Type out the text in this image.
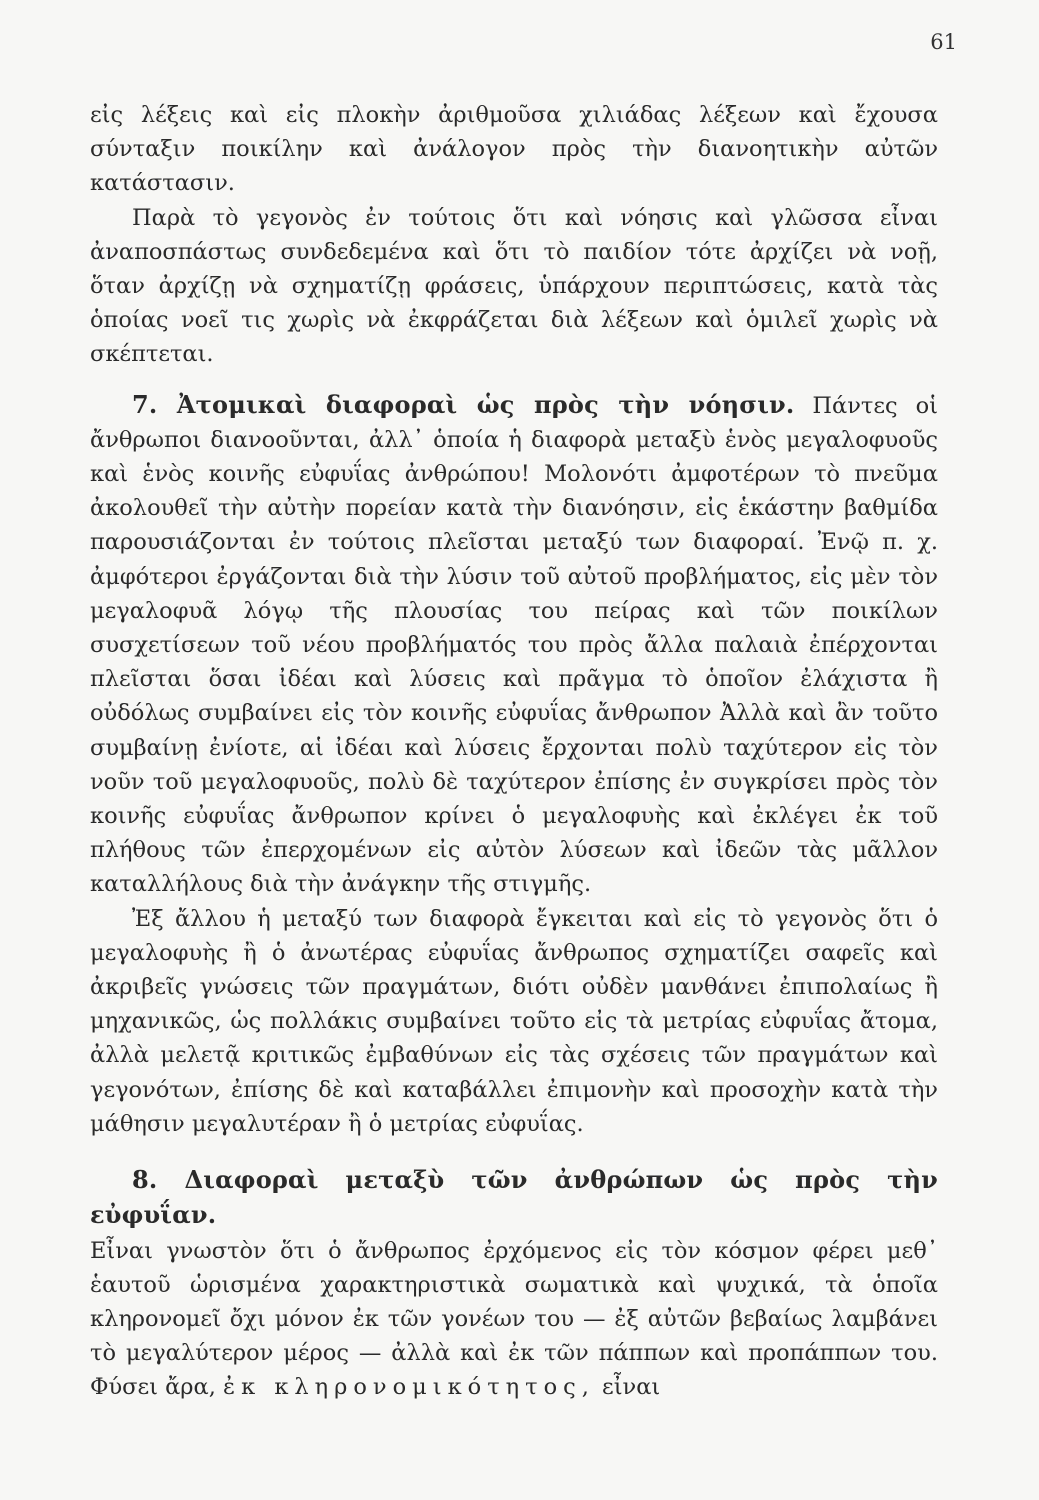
61

εἰς λέξεις καὶ εἰς πλοκὴν ἀριθμοῦσα χιλιάδας λέξεων καὶ ἔχουσα σύνταξιν ποικίλην καὶ ἀνάλογον πρὸς τὴν διανοητικὴν αὐτῶν κατάστασιν.

Παρὰ τὸ γεγονὸς ἐν τούτοις ὅτι καὶ νόησις καὶ γλῶσσα εἶναι ἀναποσπάστως συνδεδεμένα καὶ ὅτι τὸ παιδίον τότε ἀρχίζει νὰ νοῇ, ὅταν ἀρχίζῃ νὰ σχηματίζῃ φράσεις, ὑπάρχουν περιπτώσεις, κατὰ τὰς ὁποίας νοεῖ τις χωρὶς νὰ ἐκφράζεται διὰ λέξεων καὶ ὁμιλεῖ χωρὶς νὰ σκέπτεται.

7. Ἀτομικαὶ διαφοραὶ ὡς πρὸς τὴν νόησιν. Πάντες οἱ ἄνθρωποι διανοοῦνται, ἀλλ᾽ ὁποία ἡ διαφορὰ μεταξὺ ἑνὸς μεγαλοφυοῦς καὶ ἑνὸς κοινῆς εὐφυΐας ἀνθρώπου! Μολονότι ἀμφοτέρων τὸ πνεῦμα ἀκολουθεῖ τὴν αὐτὴν πορείαν κατὰ τὴν διανόησιν, εἰς ἑκάστην βαθμίδα παρουσιάζονται ἐν τούτοις πλεῖσται μεταξύ των διαφοραί. Ἐνῷ π. χ. ἀμφότεροι ἐργάζονται διὰ τὴν λύσιν τοῦ αὐτοῦ προβλήματος, εἰς μὲν τὸν μεγαλοφυᾶ λόγῳ τῆς πλουσίας του πείρας καὶ τῶν ποικίλων συσχετίσεων τοῦ νέου προβλήματός του πρὸς ἄλλα παλαιὰ ἐπέρχονται πλεῖσται ὅσαι ἰδέαι καὶ λύσεις καὶ πρᾶγμα τὸ ὁποῖον ἐλάχιστα ἢ οὐδόλως συμβαίνει εἰς τὸν κοινῆς εὐφυΐας ἄνθρωπον Ἀλλὰ καὶ ἂν τοῦτο συμβαίνῃ ἐνίοτε, αἱ ἰδέαι καὶ λύσεις ἔρχονται πολὺ ταχύτερον εἰς τὸν νοῦν τοῦ μεγαλοφυοῦς, πολὺ δὲ ταχύτερον ἐπίσης ἐν συγκρίσει πρὸς τὸν κοινῆς εὐφυΐας ἄνθρωπον κρίνει ὁ μεγαλοφυὴς καὶ ἐκλέγει ἐκ τοῦ πλήθους τῶν ἐπερχομένων εἰς αὐτὸν λύσεων καὶ ἰδεῶν τὰς μᾶλλον καταλλήλους διὰ τὴν ἀνάγκην τῆς στιγμῆς.

Ἐξ ἄλλου ἡ μεταξύ των διαφορὰ ἔγκειται καὶ εἰς τὸ γεγονὸς ὅτι ὁ μεγαλοφυὴς ἢ ὁ ἀνωτέρας εὐφυΐας ἄνθρωπος σχηματίζει σαφεῖς καὶ ἀκριβεῖς γνώσεις τῶν πραγμάτων, διότι οὐδὲν μανθάνει ἐπιπολαίως ἢ μηχανικῶς, ὡς πολλάκις συμβαίνει τοῦτο εἰς τὰ μετρίας εὐφυΐας ἄτομα, ἀλλὰ μελετᾷ κριτικῶς ἐμβαθύνων εἰς τὰς σχέσεις τῶν πραγμάτων καὶ γεγονότων, ἐπίσης δὲ καὶ καταβάλλει ἐπιμονὴν καὶ προσοχὴν κατὰ τὴν μάθησιν μεγαλυτέραν ἢ ὁ μετρίας εὐφυΐας.

8. Διαφοραὶ μεταξὺ τῶν ἀνθρώπων ὡς πρὸς τὴν εὐφυΐαν.

Εἶναι γνωστὸν ὅτι ὁ ἄνθρωπος ἐρχόμενος εἰς τὸν κόσμον φέρει μεθ᾽ ἑαυτοῦ ὡρισμένα χαρακτηριστικὰ σωματικὰ καὶ ψυχικά, τὰ ὁποῖα κληρονομεῖ ὄχι μόνον ἐκ τῶν γονέων του — ἐξ αὐτῶν βεβαίως λαμβάνει τὸ μεγαλύτερον μέρος — ἀλλὰ καὶ ἐκ τῶν πάππων καὶ προπάππων του. Φύσει ἄρα, ἐκ κληρονομικότητος, εἶναι
